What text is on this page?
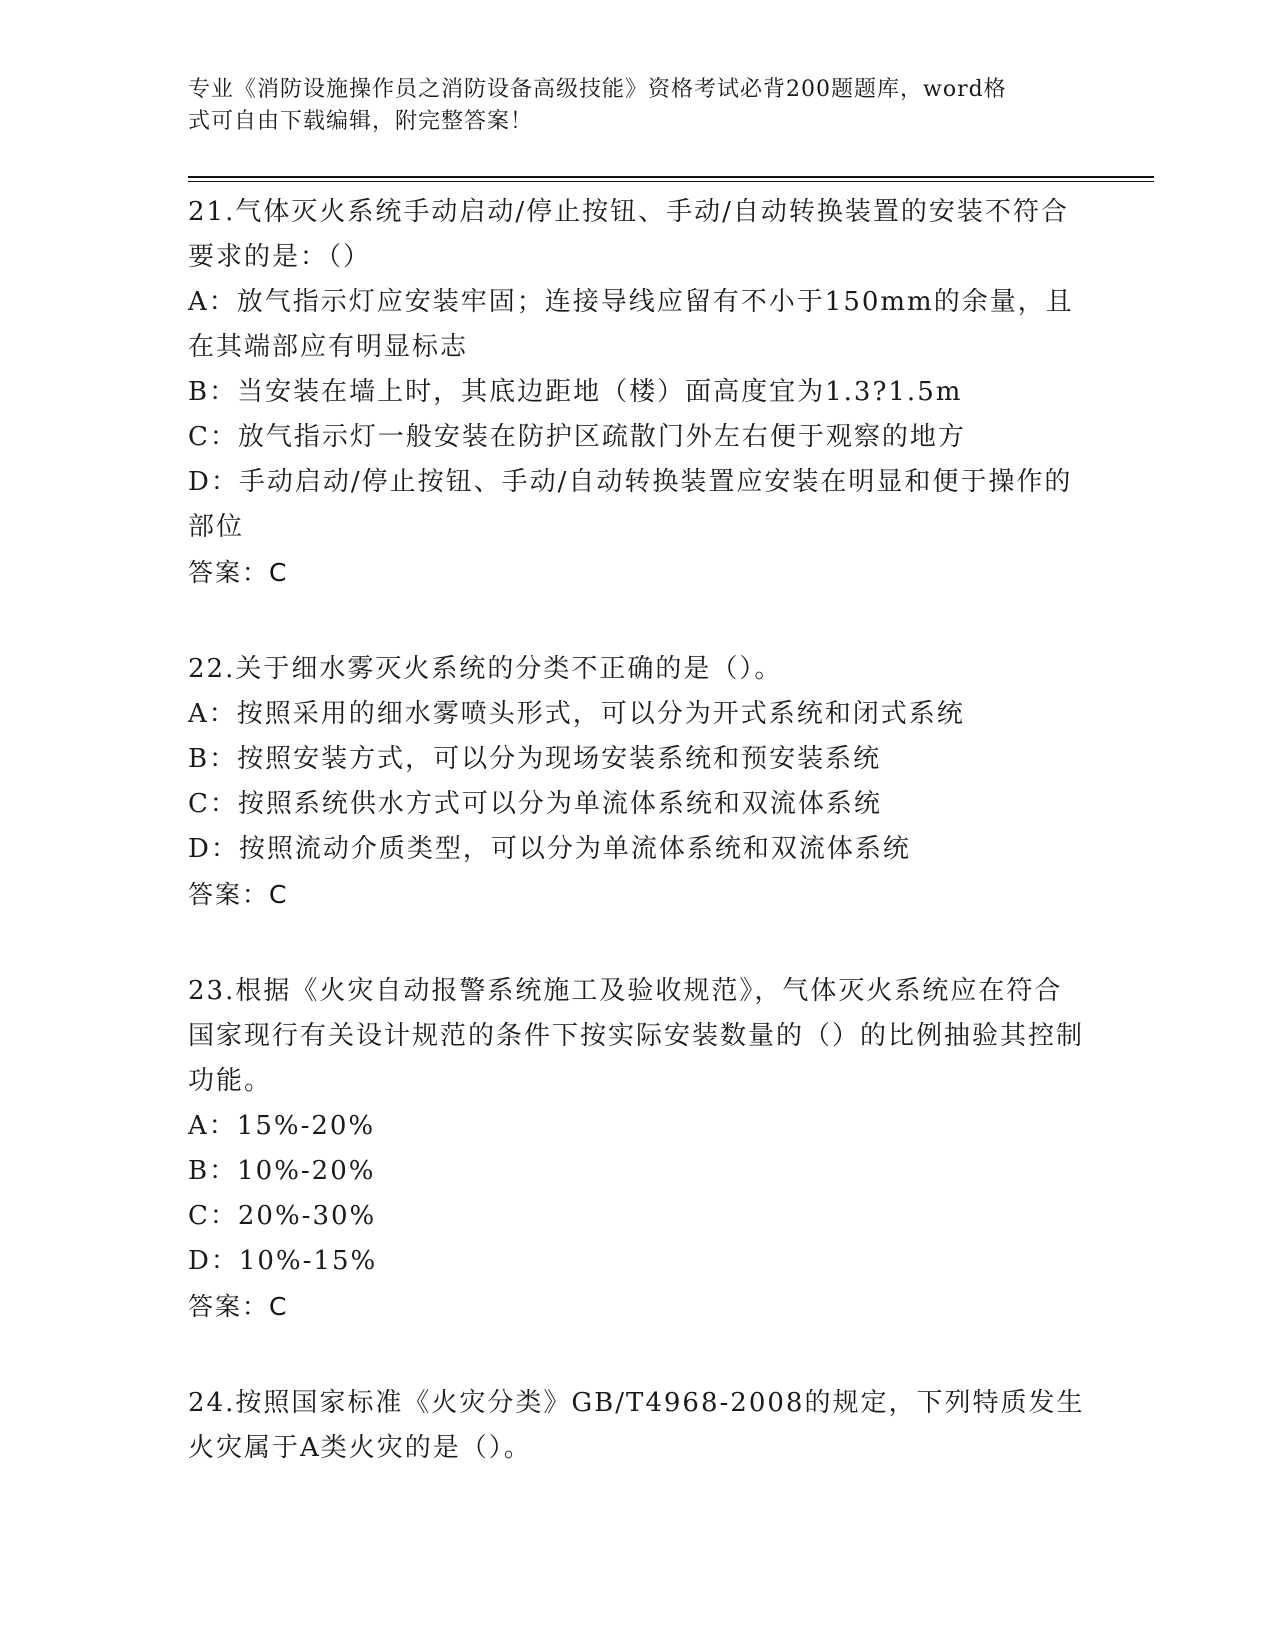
专业《消防设施操作员之消防设备高级技能》资格考试必背200题题库，word格
式可自由下载编辑，附完整答案！

21.气体灭火系统手动启动/停止按钮、手动/自动转换装置的安装不符合要求的是：（）

A：放气指示灯应安装牢固；连接导线应留有不小于150mm的余量，且在其端部应有明显标志

B：当安装在墙上时，其底边距地（楼）面高度宜为1.3?1.5m

C：放气指示灯一般安装在防护区疏散门外左右便于观察的地方

D：手动启动/停止按钮、手动/自动转换装置应安装在明显和便于操作的部位

答案：C

22.关于细水雾灭火系统的分类不正确的是（）。

A：按照采用的细水雾喷头形式，可以分为开式系统和闭式系统

B：按照安装方式，可以分为现场安装系统和预安装系统

C：按照系统供水方式可以分为单流体系统和双流体系统

D：按照流动介质类型，可以分为单流体系统和双流体系统

答案：C

23.根据《火灾自动报警系统施工及验收规范》，气体灭火系统应在符合国家现行有关设计规范的条件下按实际安装数量的（）的比例抽验其控制功能。

A：15%-20%

B：10%-20%

C：20%-30%

D：10%-15%

答案：C

24.按照国家标准《火灾分类》GB/T4968-2008的规定，下列特质发生火灾属于A类火灾的是（）。
